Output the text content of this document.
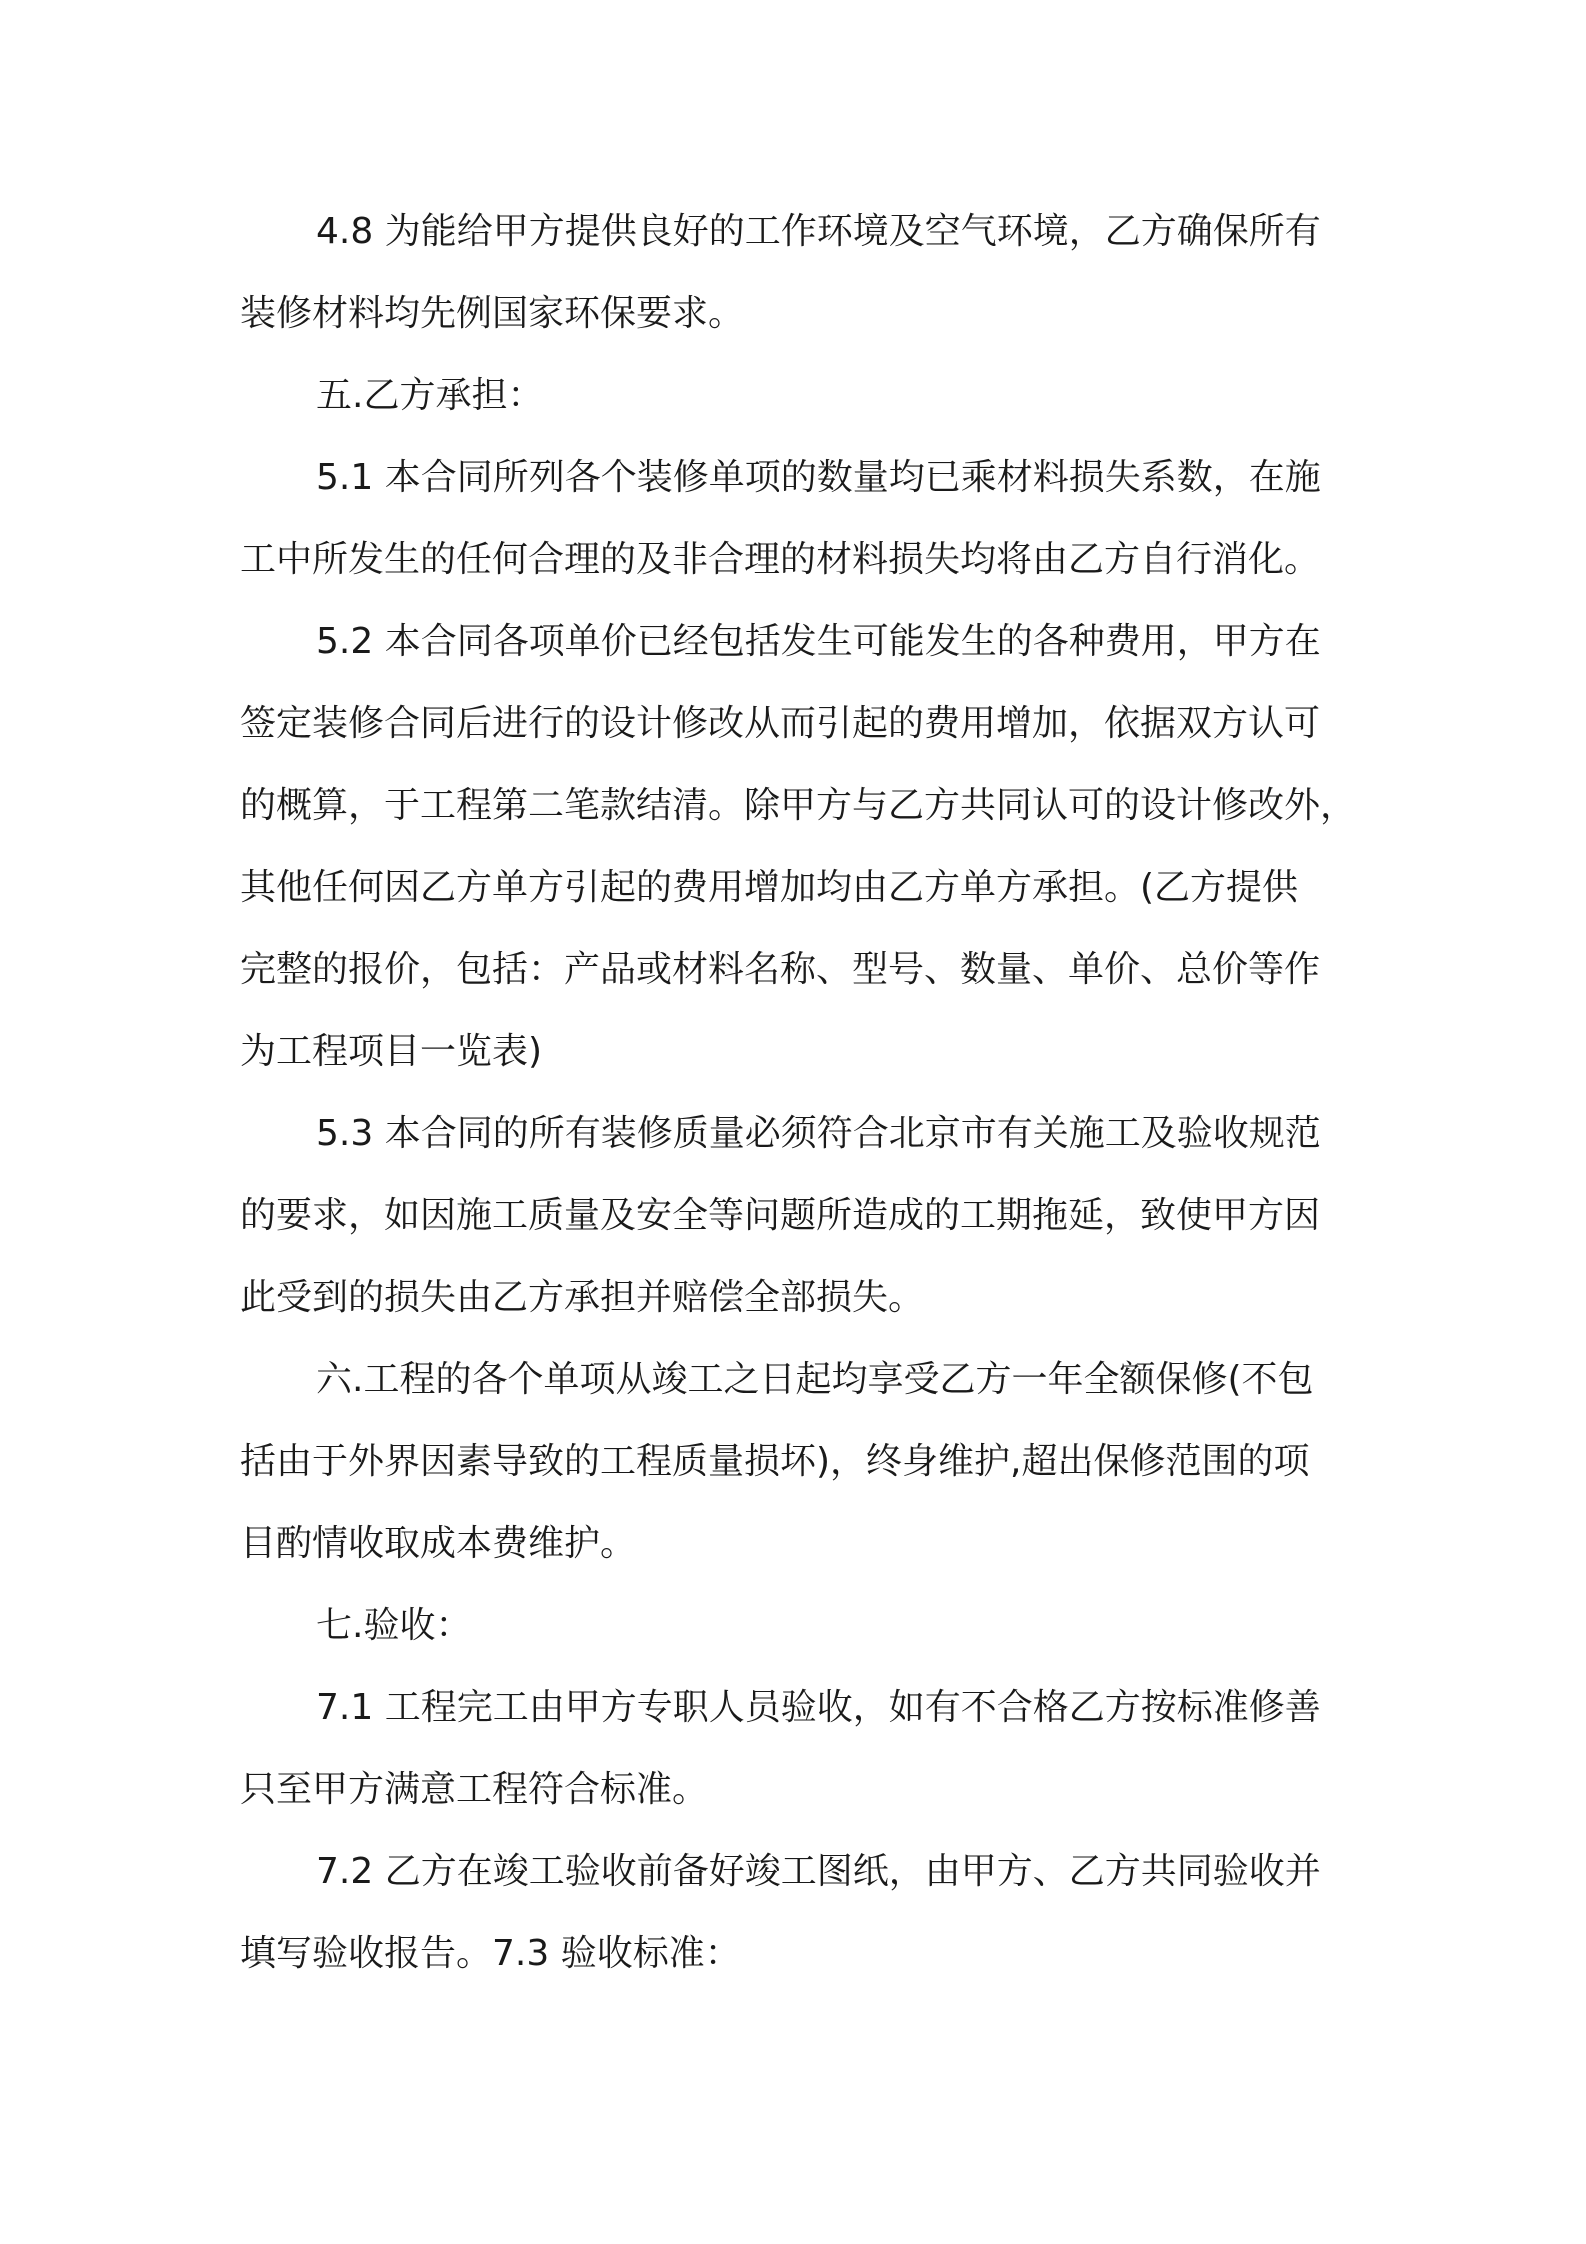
4.8 为能给甲方提供良好的工作环境及空气环境，乙方确保所有
装修材料均先例国家环保要求。
五.乙方承担：
5.1 本合同所列各个装修单项的数量均已乘材料损失系数，在施
工中所发生的任何合理的及非合理的材料损失均将由乙方自行消化。
5.2 本合同各项单价已经包括发生可能发生的各种费用，甲方在
签定装修合同后进行的设计修改从而引起的费用增加，依据双方认可
的概算，于工程第二笔款结清。除甲方与乙方共同认可的设计修改外，
其他任何因乙方单方引起的费用增加均由乙方单方承担。(乙方提供
完整的报价，包括：产品或材料名称、型号、数量、单价、总价等作
为工程项目一览表)
5.3 本合同的所有装修质量必须符合北京市有关施工及验收规范
的要求，如因施工质量及安全等问题所造成的工期拖延，致使甲方因
此受到的损失由乙方承担并赔偿全部损失。
六.工程的各个单项从竣工之日起均享受乙方一年全额保修(不包
括由于外界因素导致的工程质量损坏)，终身维护,超出保修范围的项
目酌情收取成本费维护。
七.验收：
7.1 工程完工由甲方专职人员验收，如有不合格乙方按标准修善
只至甲方满意工程符合标准。
7.2 乙方在竣工验收前备好竣工图纸，由甲方、乙方共同验收并
填写验收报告。7.3 验收标准：
